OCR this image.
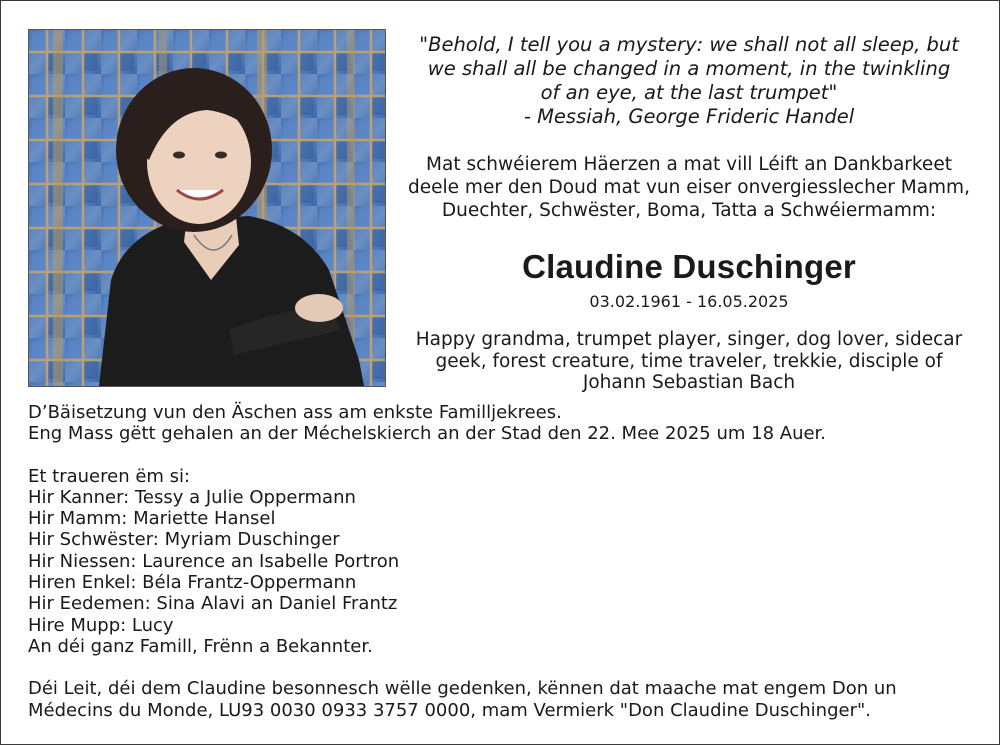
"Behold, I tell you a mystery: we shall not all sleep, but
we shall all be changed in a moment, in the twinkling
of an eye, at the last trumpet"
- Messiah, George Frideric Handel
Mat schwéierem Häerzen a mat vill Léift an Dankbarkeet
deele mer den Doud mat vun eiser onvergiesslecher Mamm,
Duechter, Schwëster, Boma, Tatta a Schwéiermamm:
Claudine Duschinger
03.02.1961 - 16.05.2025
Happy grandma, trumpet player, singer, dog lover, sidecar
geek, forest creature, time traveler, trekkie, disciple of
Johann Sebastian Bach
D’Bäisetzung vun den Äschen ass am enkste Familljekrees.
Eng Mass gëtt gehalen an der Méchelskierch an der Stad den 22. Mee 2025 um 18 Auer.
Et traueren ëm si:
Hir Kanner: Tessy a Julie Oppermann
Hir Mamm: Mariette Hansel
Hir Schwëster: Myriam Duschinger
Hir Niessen: Laurence an Isabelle Portron
Hiren Enkel: Béla Frantz-Oppermann
Hir Eedemen: Sina Alavi an Daniel Frantz
Hire Mupp: Lucy
An déi ganz Famill, Frënn a Bekannter.
Déi Leit, déi dem Claudine besonnesch wëlle gedenken, kënnen dat maache mat engem Don un
Médecins du Monde, LU93 0030 0933 3757 0000, mam Vermierk "Don Claudine Duschinger".
